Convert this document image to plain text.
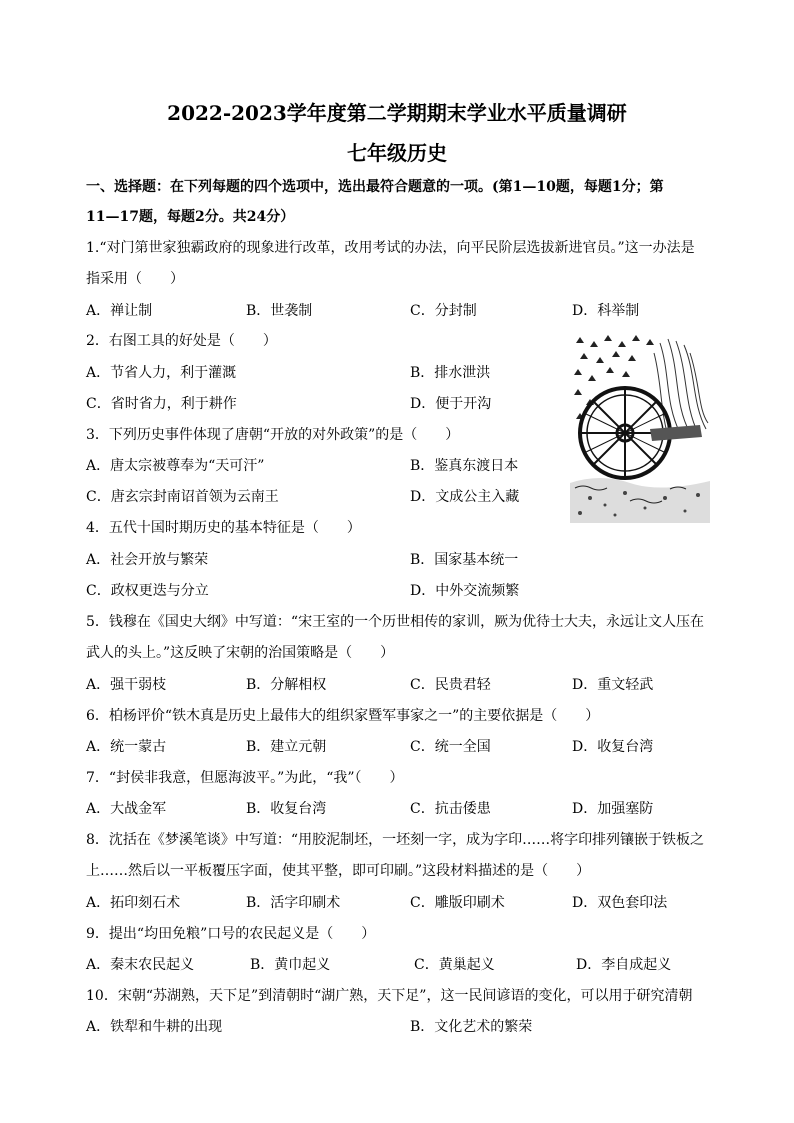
2022-2023学年度第二学期期末学业水平质量调研
七年级历史
一、选择题：在下列每题的四个选项中，选出最符合题意的一项。(第1—10题，每题1分；第
11—17题，每题2分。共24分）
1.“对门第世家独霸政府的现象进行改革，改用考试的办法，向平民阶层选拔新进官员。”这一办法是
指采用（　　）
A．禅让制	B．世袭制	C．分封制	D．科举制
2．右图工具的好处是（　　）
A．节省人力，利于灌溉	B．排水泄洪
C．省时省力，利于耕作	D．便于开沟
3．下列历史事件体现了唐朝“开放的对外政策”的是（　　）
A．唐太宗被尊奉为“天可汗”	B．鉴真东渡日本
C．唐玄宗封南诏首领为云南王	D．文成公主入藏
4．五代十国时期历史的基本特征是（　　）
A．社会开放与繁荣	B．国家基本统一
C．政权更迭与分立	D．中外交流频繁
5．钱穆在《国史大纲》中写道：“宋王室的一个历世相传的家训，厥为优待士大夫，永远让文人压在
武人的头上。”这反映了宋朝的治国策略是（　　）
A．强干弱枝	B．分解相权	C．民贵君轻	D．重文轻武
6．柏杨评价“铁木真是历史上最伟大的组织家暨军事家之一”的主要依据是（　　）
A．统一蒙古	B．建立元朝	C．统一全国	D．收复台湾
7．“封侯非我意，但愿海波平。”为此，“我”（　　）
A．大战金军	B．收复台湾	C．抗击倭患	D．加强塞防
8．沈括在《梦溪笔谈》中写道：“用胶泥制坯，一坯刻一字，成为字印……将字印排列镶嵌于铁板之
上……然后以一平板覆压字面，使其平整，即可印刷。”这段材料描述的是（　　）
A．拓印刻石术	B．活字印刷术	C．雕版印刷术	D．双色套印法
9．提出“均田免粮”口号的农民起义是（　　）
A．秦末农民起义	B．黄巾起义	C．黄巢起义	D．李自成起义
10．宋朝“苏湖熟，天下足”到清朝时“湖广熟，天下足”，这一民间谚语的变化，可以用于研究清朝
A．铁犁和牛耕的出现	B．文化艺术的繁荣
